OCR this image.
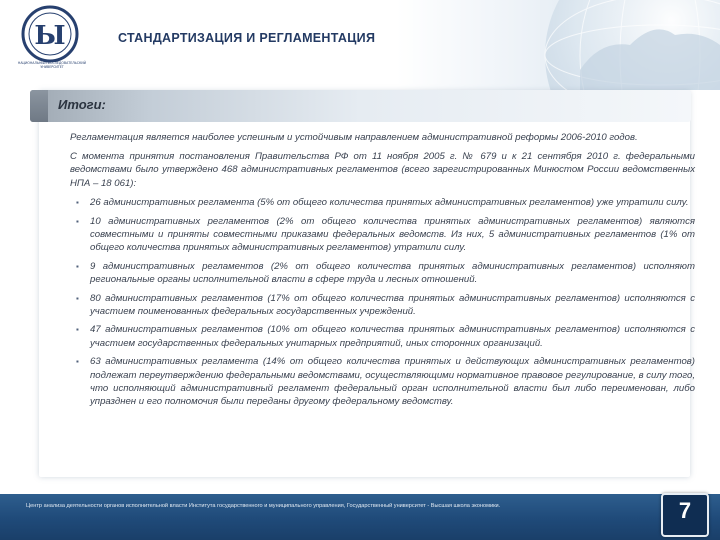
Ы
НАЦИОНАЛЬНЫЙ ИССЛЕДОВАТЕЛЬСКИЙ УНИВЕРСИТЕТ
СТАНДАРТИЗАЦИЯ И РЕГЛАМЕНТАЦИЯ
Итоги:

Регламентация является наиболее успешным и устойчивым направлением административной реформы 2006-2010 годов.

С момента принятия постановления Правительства РФ от 11 ноября 2005 г. № 679 и к 21 сентября 2010 г. федеральными ведомствами было утверждено 468 административных регламентов (всего зарегистрированных Минюстом России ведомственных НПА – 18 061):

▪ 26 административных регламента (5% от общего количества принятых административных регламентов) уже утратили силу.
▪ 10 административных регламентов (2% от общего количества принятых административных регламентов) являются совместными и приняты совместными приказами федеральных ведомств. Из них, 5 административных регламентов (1% от общего количества принятых административных регламентов) утратили силу.
▪ 9 административных регламентов (2% от общего количества принятых административных регламентов) исполняют региональные органы исполнительной власти в сфере труда и лесных отношений.
▪ 80 административных регламентов (17% от общего количества принятых административных регламентов) исполняются с участием поименованных федеральных государственных учреждений.
▪ 47 административных регламентов (10% от общего количества принятых административных регламентов) исполняются с участием государственных федеральных унитарных предприятий, иных сторонних организаций.
▪ 63 административных регламента (14% от общего количества принятых и действующих административных регламентов) подлежат переутверждению федеральными ведомствами, осуществляющими нормативное правовое регулирование, в силу того, что исполняющий административный регламент федеральный орган исполнительной власти был либо переименован, либо упразднен и его полномочия были переданы другому федеральному ведомству.
Центр анализа деятельности органов исполнительной власти Института государственного и муниципального управления, Государственный университет - Высшая школа экономики.	7
